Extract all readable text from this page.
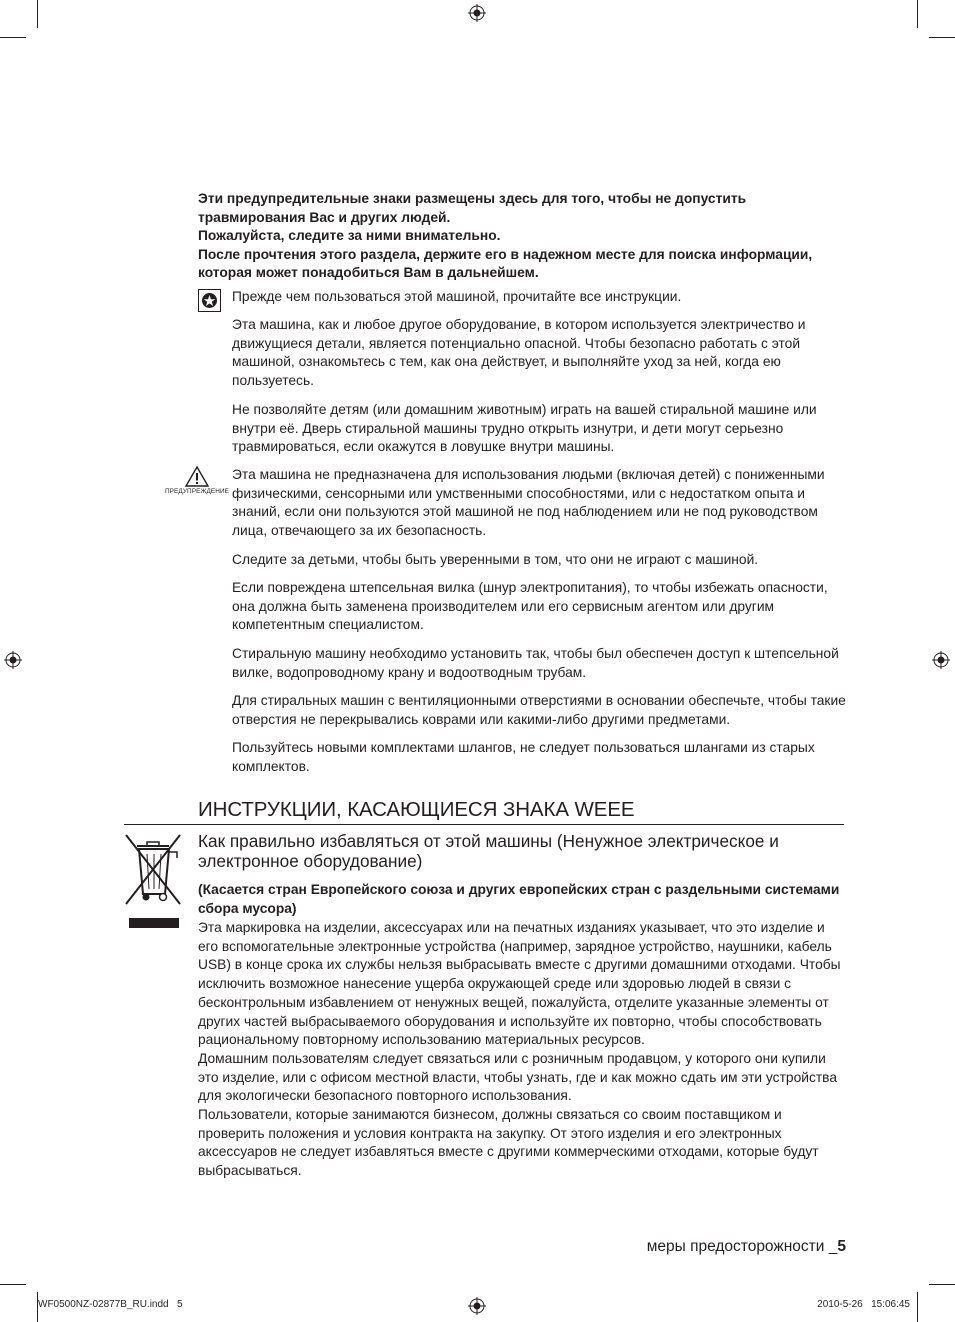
Эти предупредительные знаки размещены здесь для того, чтобы не допустить травмирования Вас и других людей.

Пожалуйста, следите за ними внимательно.

После прочтения этого раздела, держите его в надежном месте для поиска информации, которая может понадобиться Вам в дальнейшем.

ПРЕДУПРЕЖДЕНИЕ

Прежде чем пользоваться этой машиной, прочитайте все инструкции.

Эта машина, как и любое другое оборудование, в котором используется электричество и движущиеся детали, является потенциально опасной. Чтобы безопасно работать с этой машиной, ознакомьтесь с тем, как она действует, и выполняйте уход за ней, когда ею пользуетесь.

Не позволяйте детям (или домашним животным) играть на вашей стиральной машине или внутри её. Дверь стиральной машины трудно открыть изнутри, и дети могут серьезно травмироваться, если окажутся в ловушке внутри машины.

Эта машина не предназначена для использования людьми (включая детей) с пониженными физическими, сенсорными или умственными способностями, или с недостатком опыта и знаний, если они пользуются этой машиной не под наблюдением или не под руководством лица, отвечающего за их безопасность.

Следите за детьми, чтобы быть уверенными в том, что они не играют с машиной.

Если повреждена штепсельная вилка (шнур электропитания), то чтобы избежать опасности, она должна быть заменена производителем или его сервисным агентом или другим компетентным специалистом.

Стиральную машину необходимо установить так, чтобы был обеспечен доступ к штепсельной вилке, водопроводному крану и водоотводным трубам.

Для стиральных машин с вентиляционными отверстиями в основании обеспечьте, чтобы такие отверстия не перекрывались коврами или какими-либо другими предметами.

Пользуйтесь новыми комплектами шлангов, не следует пользоваться шлангами из старых комплектов.

ИНСТРУКЦИИ, КАСАЮЩИЕСЯ ЗНАКА WEEE
Как правильно избавляться от этой машины (Ненужное электрическое и электронное оборудование)
(Касается стран Европейского союза и других европейских стран с раздельными системами сбора мусора)

Эта маркировка на изделии, аксессуарах или на печатных изданиях указывает, что это изделие и его вспомогательные электронные устройства (например, зарядное устройство, наушники, кабель USB) в конце срока их службы нельзя выбрасывать вместе с другими домашними отходами. Чтобы исключить возможное нанесение ущерба окружающей среде или здоровью людей в связи с бесконтрольным избавлением от ненужных вещей, пожалуйста, отделите указанные элементы от других частей выбрасываемого оборудования и используйте их повторно, чтобы способствовать рациональному повторному использованию материальных ресурсов.

Домашним пользователям следует связаться или с розничным продавцом, у которого они купили это изделие, или с офисом местной власти, чтобы узнать, где и как можно сдать им эти устройства для экологически безопасного повторного использования.

Пользователи, которые занимаются бизнесом, должны связаться со своим поставщиком и проверить положения и условия контракта на закупку. От этого изделия и его электронных аксессуаров не следует избавляться вместе с другими коммерческими отходами, которые будут выбрасываться.

меры предосторожности _5
WF0500NZ-02877B_RU.indd   5	2010-5-26   15:06:45
